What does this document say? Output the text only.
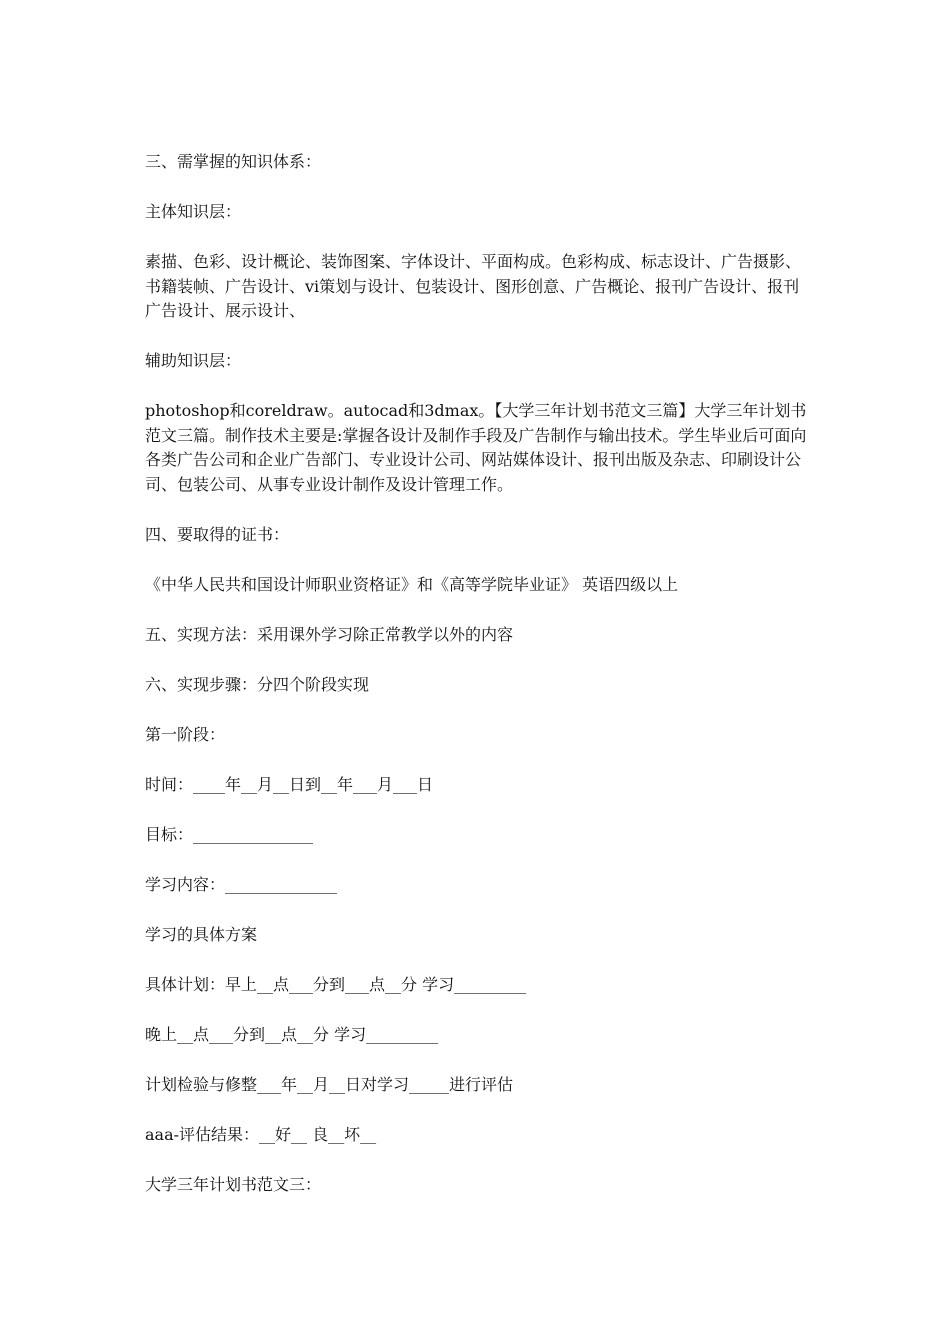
三、需掌握的知识体系：

主体知识层：

素描、色彩、设计概论、装饰图案、字体设计、平面构成。色彩构成、标志设计、广告摄影、书籍装帧、广告设计、vi策划与设计、包装设计、图形创意、广告概论、报刊广告设计、报刊广告设计、展示设计、

辅助知识层：

photoshop和coreldraw。autocad和3dmax。【大学三年计划书范文三篇】大学三年计划书范文三篇。制作技术主要是:掌握各设计及制作手段及广告制作与输出技术。学生毕业后可面向各类广告公司和企业广告部门、专业设计公司、网站媒体设计、报刊出版及杂志、印刷设计公司、包装公司、从事专业设计制作及设计管理工作。

四、要取得的证书：

《中华人民共和国设计师职业资格证》和《高等学院毕业证》 英语四级以上

五、实现方法：采用课外学习除正常教学以外的内容

六、实现步骤：分四个阶段实现

第一阶段：

时间：____年__月__日到__年___月___日

目标：_______________

学习内容：______________

学习的具体方案

具体计划：早上__点___分到___点__分 学习_________

晚上__点___分到__点__分 学习_________

计划检验与修整___年__月__日对学习_____进行评估

aaa-评估结果：__好__ 良__坏__

大学三年计划书范文三：
